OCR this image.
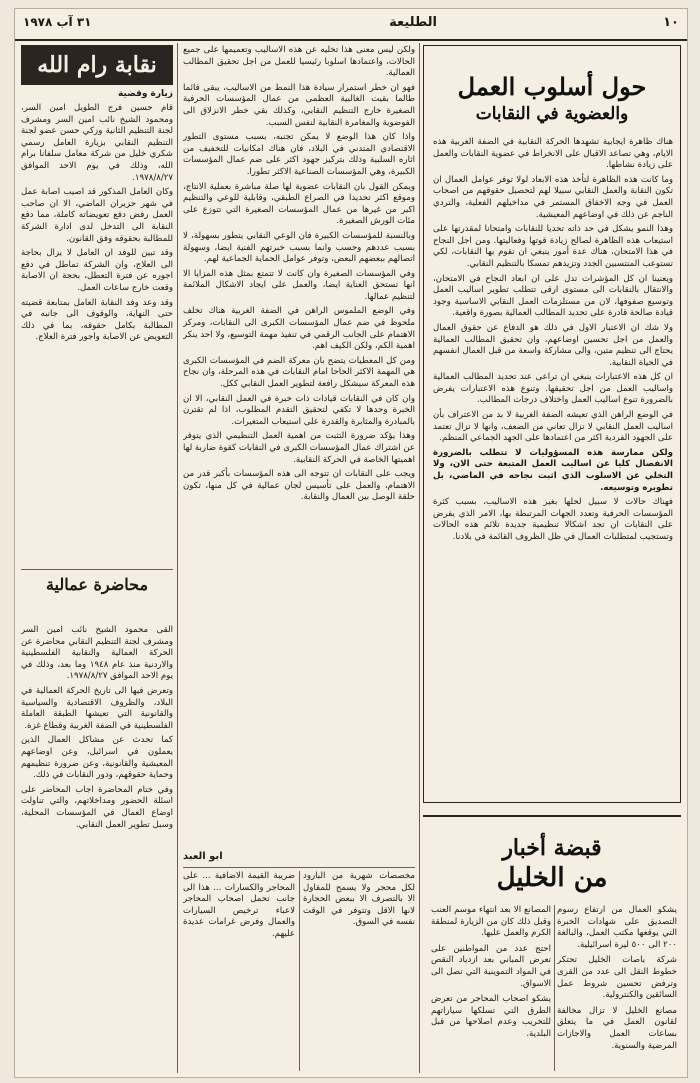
الطليعة	١٠
٣١ آب ١٩٧٨
حول أسلوب العمل
والعضوية في النقابات

هناك ظاهرة ايجابية تشهدها الحركة النقابية في الضفة الغربية هذه الايام، وهي تصاعد الاقبال على الانخراط في عضوية النقابات والعمل على زيادة نشاطها.

وما كانت هذه الظاهرة لتأخذ هذه الابعاد لولا توفر عوامل العمال ان تكون النقابة والعمل النقابي سبيلا لهم لتحصيل حقوقهم من اصحاب العمل في وجه الاخفاق المستمر في مداخيلهم الفعلية، والتردي الناجم عن ذلك في اوضاعهم المعيشية.

وهذا النمو يشكل في حد ذاته تحديا للنقابات وامتحانا لمقدرتها على استيعاب هذه الظاهرة لصالح زيادة قوتها وفعاليتها. ومن اجل النجاح في هذا الامتحان، هناك عدة أمور ينبغي ان تقوم بها النقابات، لكي تستوعب المنتسبين الجدد وتزيدهم تمسكا بالتنظيم النقابي.

ويعنينا ان كل المؤشرات تدل على ان ابعاد النجاح في الامتحان، والانتقال بالنقابات الى مستوى ارقى تتطلب تطوير اساليب العمل وتوسيع صفوفها، لان من مستلزمات العمل النقابي الاساسية وجود قيادة صالحة قادرة على تحديد المطالب العمالية بصورة واقعية.

ولا شك ان الاعتبار الاول في ذلك هو الدفاع عن حقوق العمال والعمل من اجل تحسين اوضاعهم، وان تحقيق المطالب العمالية يحتاج الى تنظيم متين، والى مشاركة واسعة من قبل العمال انفسهم في الحياة النقابية.

ان كل هذه الاعتبارات ينبغي ان تراعى عند تحديد المطالب العمالية واساليب العمل من اجل تحقيقها. وتنوع هذه الاعتبارات يفرض بالضرورة تنوع اساليب العمل واختلاف درجات المطالب.

في الوضع الراهن الذي تعيشه الضفة الغربية لا بد من الاعتراف بأن اساليب العمل النقابي لا تزال تعاني من الضعف، وانها لا تزال تعتمد على الجهود الفردية اكثر من اعتمادها على الجهد الجماعي المنظم.

ولكن ممارسة هذه المسؤوليات لا تتطلب بالضرورة الانفصال كليا عن اساليب العمل المتبعة حتى الان، ولا التخلي عن الاسلوب الذي اثبت نجاحه في الماضي، بل تطويره وتوسيعه.

فهناك حالات لا سبيل لحلها بغير هذه الاساليب، بسبب كثرة المؤسسات الحرفية وتعدد الجهات المرتبطة بها، الامر الذي يفرض على النقابات ان تجد اشكالا تنظيمية جديدة تلائم هذه الحالات وتستجيب لمتطلبات العمال في ظل الظروف القائمة في بلادنا.

قبضة أخبار
من الخليل

يشكو العمال من ارتفاع رسوم التصديق على شهادات الخبرة التي يوقعها مكتب العمل، والبالغة ٢٠٠ الى ٥٠٠ ليرة اسرائيلية.

شركة باصات الخليل تحتكر خطوط النقل الى عدد من القرى وترفض تحسين شروط عمل السائقين والكنترولية.

مصانع الخليل لا تزال مخالفة لقانون العمل في ما يتعلق بساعات العمل والاجازات المرضية والسنوية.

المصانع الا بعد انتهاء موسم العنب وقبل ذلك كان من الزيارة لمنطقة الكرم والعمل عليها.

احتج عدد من المواطنين على تعرض المباني بعد ازدياد النقص في المواد التموينية التي تصل الى الاسواق.

يشكو اصحاب المحاجر من تعرض الطرق التي تسلكها سياراتهم للتخريب وعدم اصلاحها من قبل البلدية.

ولكن ليس معنى هذا تخليه عن هذه الاساليب وتعميمها على جميع الحالات، واعتمادها اسلوبا رئيسيا للعمل من اجل تحقيق المطالب العمالية.

فهو ان خطر استمرار سيادة هذا النمط من الاساليب، يبقى قائما طالما بقيت الغالبية العظمى من عمال المؤسسات الحرفية الصغيرة خارج التنظيم النقابي، وكذلك بقي خطر الانزلاق الى الفوضوية والمغامرة النقابية لنفس السبب.

واذا كان هذا الوضع لا يمكن تجنبه، بسبب مستوى التطور الاقتصادي المتدني في البلاد، فان هناك امكانيات للتخفيف من اثاره السلبية وذلك بتركيز جهود اكثر على ضم عمال المؤسسات الكبيرة، وهي المؤسسات الصناعية الاكثر تطورا.

ويمكن القول بان النقابات عضوية لها صلة مباشرة بعملية الانتاج، وموقع اكثر تحديدا في الصراع الطبقي، وقابلية للوعي والتنظيم اكبر من غيرها من عمال المؤسسات الصغيرة التي تتوزع على مئات الورش الصغيرة.

وبالنسبة للمؤسسات الكبيرة فان الوعي النقابي يتطور بسهولة، لا بسبب عددهم وحسب وانما بسبب خبرتهم الفنية ايضا، وسهولة اتصالهم ببعضهم البعض، وتوفر عوامل الحماية الجماعية لهم.

وفي المؤسسات الصغيرة وان كانت لا تتمتع بمثل هذه المزايا الا انها تستحق العناية ايضا، والعمل على ايجاد الاشكال الملائمة لتنظيم عمالها.

وفي الوضع الملموس الراهن في الضفة الغربية هناك تخلف ملحوظ في ضم عمال المؤسسات الكبرى الى النقابات، ومركز الاهتمام على الجانب الرقمي في تنفيذ مهمة التوسيع، ولا احد ينكر اهمية الكم، ولكن الكيف اهم.

ومن كل المعطيات يتضح بان معركة الضم في المؤسسات الكبرى هي المهمة الاكثر الحاحا امام النقابات في هذه المرحلة، وان نجاح هذه المعركة سيشكل رافعة لتطوير العمل النقابي ككل.

وان كان في النقابات قيادات ذات خبرة في العمل النقابي، الا ان الخبرة وحدها لا تكفي لتحقيق التقدم المطلوب، اذا لم تقترن بالمبادرة والمثابرة والقدرة على استيعاب المتغيرات.

وهذا يؤكد ضرورة التثبت من اهمية العمل التنظيمي الذي يتوفر عن اشتراك عمال المؤسسات الكبرى في النقابات كقوة ضاربة لها اهميتها الخاصة في الحركة النقابية.

ويجب على النقابات ان تتوجه الى هذه المؤسسات بأكبر قدر من الاهتمام، والعمل على تأسيس لجان عمالية في كل منها، تكون حلقة الوصل بين العمال والنقابة.

ابو العبد

مخصصات شهرية من البارود لكل محجر ولا يسمح للمقاول الا بالتصرف الا ببعض الحجارة لانها الاقل وتتوفر في الوقت نفسه في السوق.

ضريبة القيمة الاضافية ... على المحاجر والكسارات ... هذا الى جانب تحمل اصحاب المحاجر لاعباء ترخيص السيارات والعمال وفرض غرامات عديدة عليهم.

نقابة رام الله
زيارة وقضية

قام حسين فرج الطويل امين السر، ومحمود الشيخ نائب امين السر ومشرف لجنة التنظيم الثانية وزكي حسن عضو لجنة التنظيم النقابي بزيارة العامل رسمي شكري خليل من شركة معامل سلفانا برام الله، وذلك في يوم الاحد الموافق ١٩٧٨/٨/٢٧.

وكان العامل المذكور قد اصيب اصابة عمل في شهر حزيران الماضي، الا ان صاحب العمل رفض دفع تعويضاته كاملة، مما دفع النقابة الى التدخل لدى ادارة الشركة للمطالبة بحقوقه وفق القانون.

وقد تبين للوفد ان العامل لا يزال بحاجة الى العلاج، وان الشركة تماطل في دفع اجوره عن فترة التعطل، بحجة ان الاصابة وقعت خارج ساعات العمل.

وقد وعد وفد النقابة العامل بمتابعة قضيته حتى النهاية، والوقوف الى جانبه في المطالبة بكامل حقوقه، بما في ذلك التعويض عن الاصابة واجور فترة العلاج.

محاضرة عمالية

القى محمود الشيخ نائب امين السر ومشرف لجنة التنظيم النقابي محاضرة عن الحركة العمالية والنقابية الفلسطينية والاردنية منذ عام ١٩٤٨ وما بعد، وذلك في يوم الاحد الموافق ١٩٧٨/٨/٢٧.

وتعرض فيها الى تاريخ الحركة العمالية في البلاد، والظروف الاقتصادية والسياسية والقانونية التي تعيشها الطبقة العاملة الفلسطينية في الضفة الغربية وقطاع غزة.

كما تحدث عن مشاكل العمال الذين يعملون في اسرائيل، وعن اوضاعهم المعيشية والقانونية، وعن ضرورة تنظيمهم وحماية حقوقهم، ودور النقابات في ذلك.

وفي ختام المحاضرة اجاب المحاضر على اسئلة الحضور ومداخلاتهم، والتي تناولت اوضاع العمال في المؤسسات المحلية، وسبل تطوير العمل النقابي.
